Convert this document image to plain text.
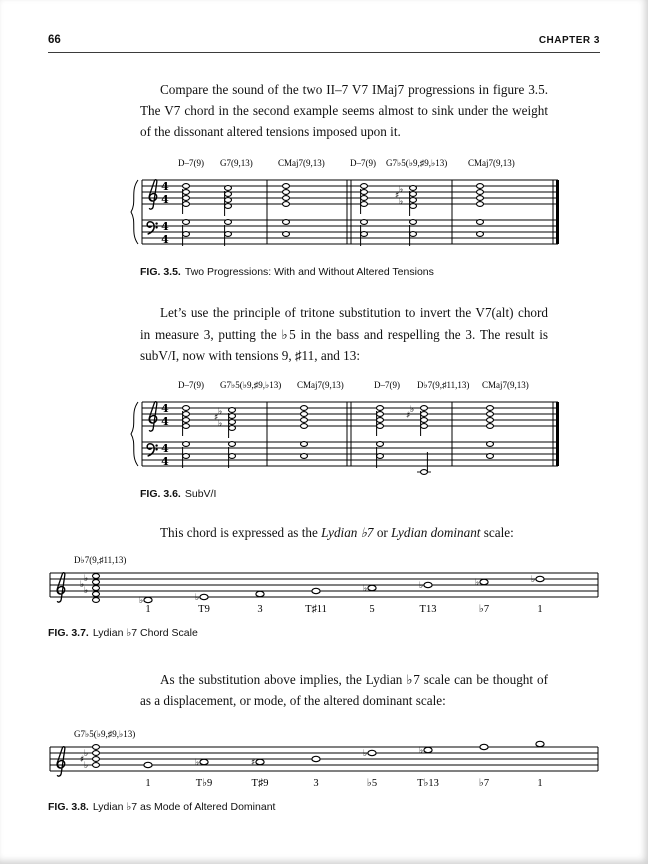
66	CHAPTER 3

Compare the sound of the two II–7 V7 IMaj7 progressions in figure 3.5. The V7 chord in the second example seems almost to sink under the weight of the dissonant altered tensions imposed upon it.

D–7(9) G7(9,13)	CMaj7(9,13)	D–7(9) G7♭5(♭9,♯9,♭13) CMaj7(9,13)
4
4
4
4
♭
♯
♭
FIG. 3.5. Two Progressions: With and Without Altered Tensions

Let’s use the principle of tritone substitution to invert the V7(alt) chord in measure 3, putting the ♭5 in the bass and respelling the 3. The result is subV/I, now with tensions 9, ♯11, and 13:

D–7(9) G7♭5(♭9,♯9,♭13) CMaj7(9,13)	D–7(9) D♭7(9,♯11,13) CMaj7(9,13)
4
4
4
4
♭
♯
♭
♭
♯
FIG. 3.6. SubV/I

This chord is expressed as the Lydian ♭7 or Lydian dominant scale:

D♭7(9,♯11,13)
♭
♭
♭
♭	♭
♭	♭	♭	♭
1	T9	3	T♯11	5	T13	♭7	1
FIG. 3.7. Lydian ♭7 Chord Scale

As the substitution above implies, the Lydian ♭7 scale can be thought of as a displacement, or mode, of the altered dominant scale:

G7♭5(♭9,♯9,♭13)
♭
♯
♭	♭	♯
♭	♭
1	T♭9	T♯9	3	♭5	T♭13	♭7	1
FIG. 3.8. Lydian ♭7 as Mode of Altered Dominant
